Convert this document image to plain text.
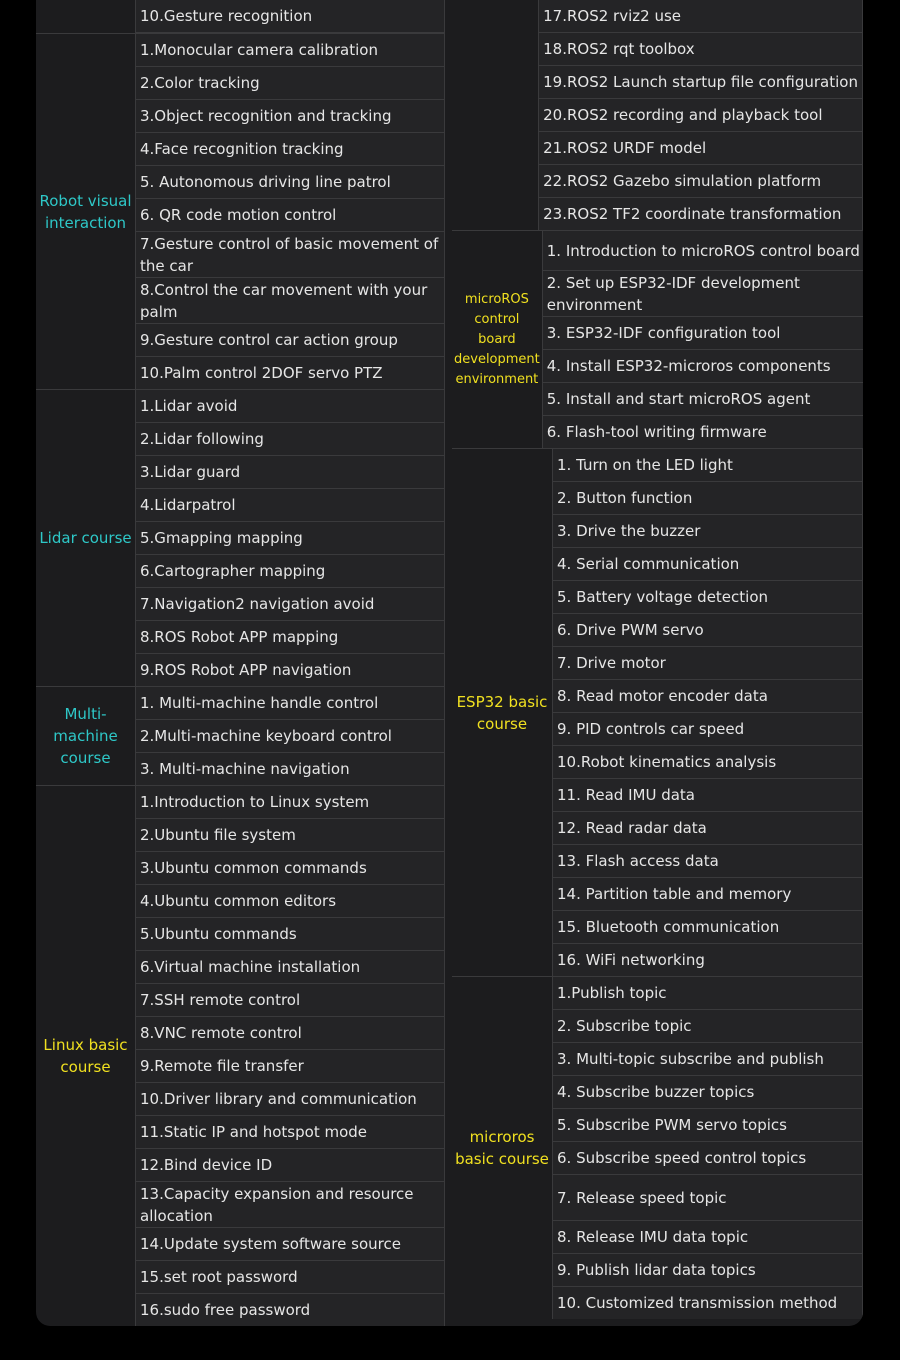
10.Gesture recognition
Robot visual interaction
1.Monocular camera calibration
2.Color tracking
3.Object recognition and tracking
4.Face recognition tracking
5. Autonomous driving line patrol
6. QR code motion control
7.Gesture control of basic movement of the car
8.Control the car movement with your palm
9.Gesture control car action group
10.Palm control 2DOF servo PTZ
Lidar course
1.Lidar avoid
2.Lidar following
3.Lidar guard
4.Lidarpatrol
5.Gmapping mapping
6.Cartographer mapping
7.Navigation2 navigation avoid
8.ROS Robot APP mapping
9.ROS Robot APP navigation
Multi-machine course
1. Multi-machine handle control
2.Multi-machine keyboard control
3. Multi-machine navigation
Linux basic course
1.Introduction to Linux system
2.Ubuntu file system
3.Ubuntu common commands
4.Ubuntu common editors
5.Ubuntu commands
6.Virtual machine installation
7.SSH remote control
8.VNC remote control
9.Remote file transfer
10.Driver library and communication
11.Static IP and hotspot mode
12.Bind device ID
13.Capacity expansion and resource allocation
14.Update system software source
15.set root password
16.sudo free password
17.ROS2 rviz2 use
18.ROS2 rqt toolbox
19.ROS2 Launch startup file configuration
20.ROS2 recording and playback tool
21.ROS2 URDF model
22.ROS2 Gazebo simulation platform
23.ROS2 TF2 coordinate transformation
microROS control board development environment
1. Introduction to microROS control board
2. Set up ESP32-IDF development environment
3. ESP32-IDF configuration tool
4. Install ESP32-microros components
5. Install and start microROS agent
6. Flash-tool writing firmware
ESP32 basic course
1. Turn on the LED light
2. Button function
3. Drive the buzzer
4. Serial communication
5. Battery voltage detection
6. Drive PWM servo
7. Drive motor
8. Read motor encoder data
9. PID controls car speed
10.Robot kinematics analysis
11. Read IMU data
12. Read radar data
13. Flash access data
14. Partition table and memory
15. Bluetooth communication
16. WiFi networking
microros basic course
1.Publish topic
2. Subscribe topic
3. Multi-topic subscribe and publish
4. Subscribe buzzer topics
5. Subscribe PWM servo topics
6. Subscribe speed control topics
7. Release speed topic
8. Release IMU data topic
9. Publish lidar data topics
10. Customized transmission method
